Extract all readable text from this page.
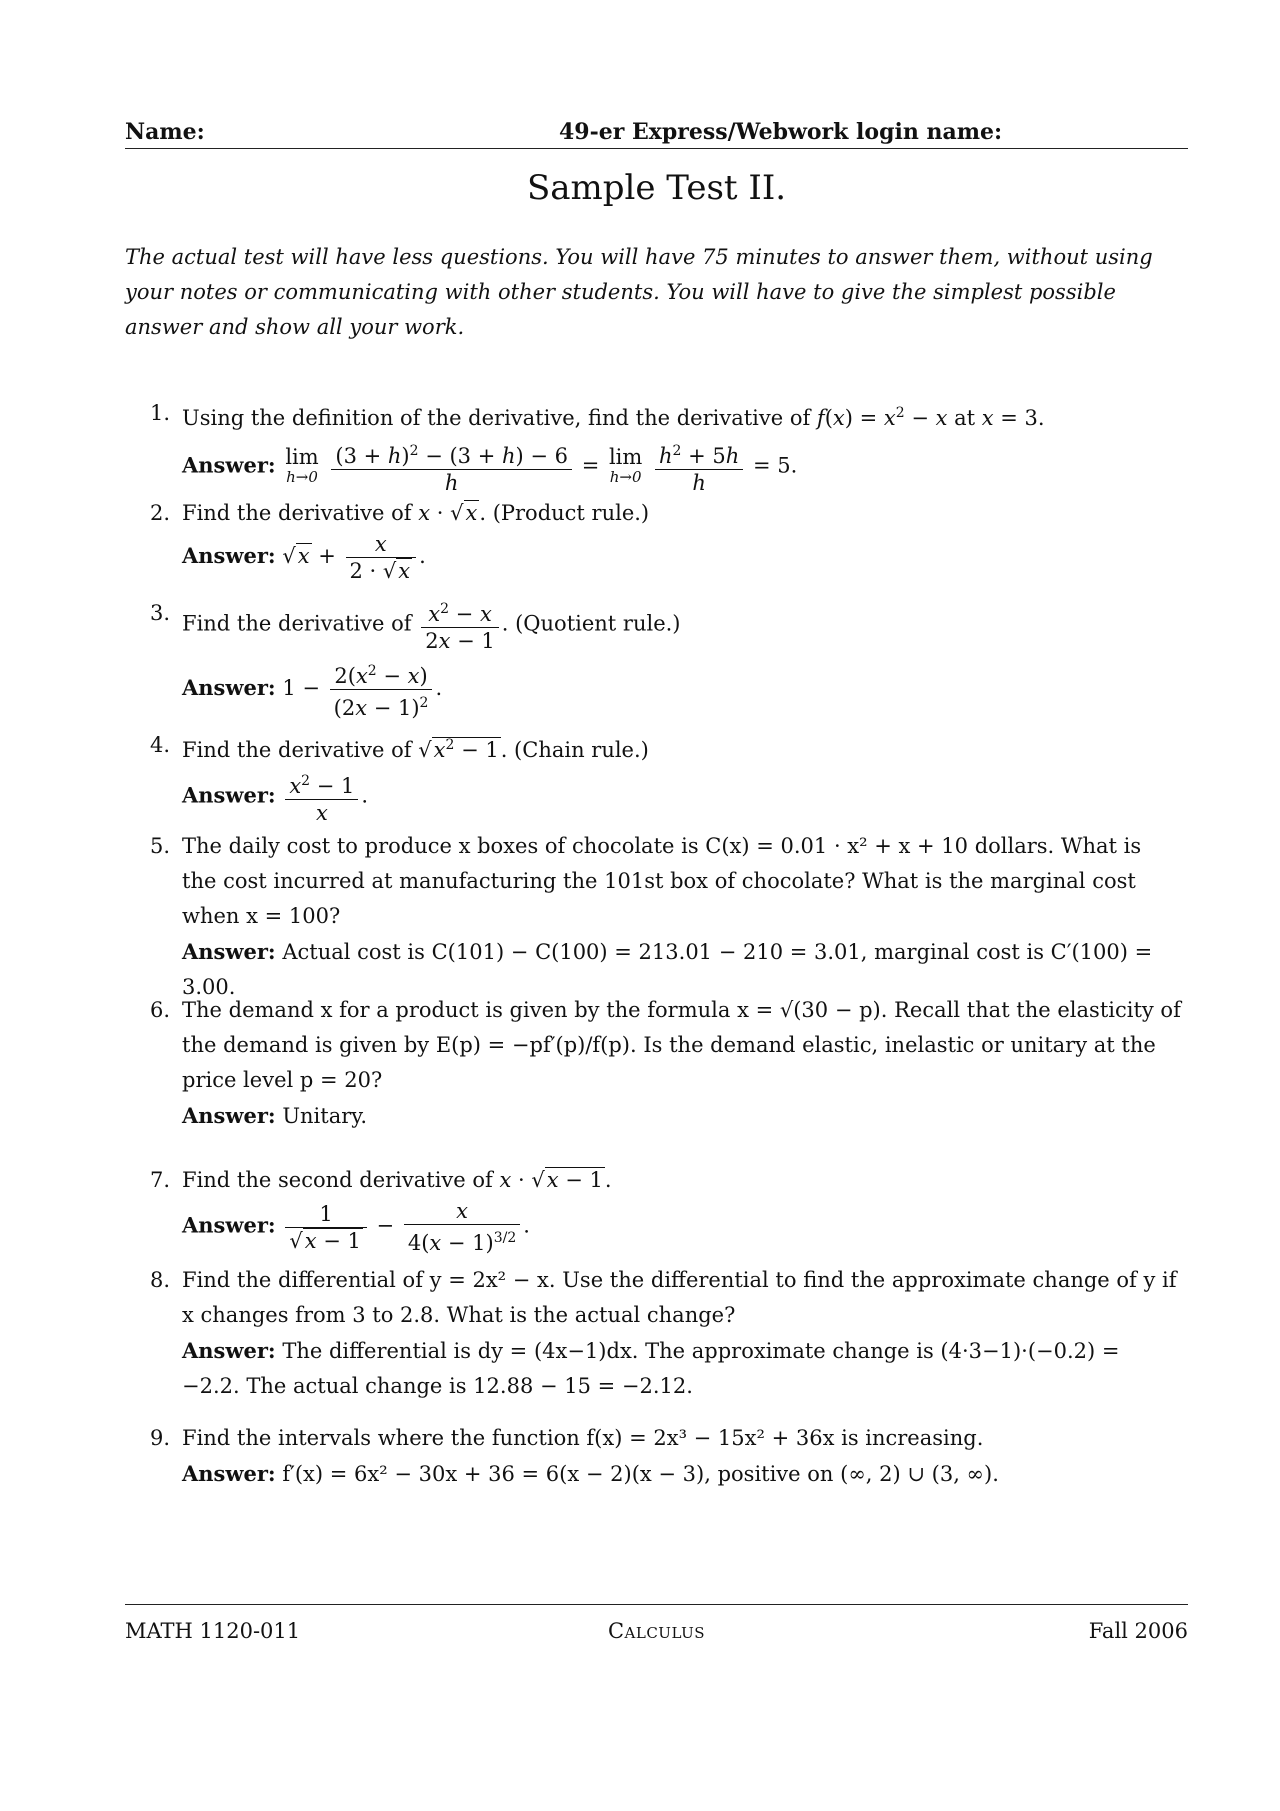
Name:	49-er Express/Webwork login name:
Sample Test II.
The actual test will have less questions. You will have 75 minutes to answer them, without using your notes or communicating with other students. You will have to give the simplest possible answer and show all your work.
1. Using the definition of the derivative, find the derivative of $f(x) = x^2 - x$ at x = 3.
Answer: lim
h→0
$\frac{(3 + h)^2 - (3 + h) - 6}{h} = \lim$
h→0
$\frac{h^2 + 5h}{h} = 5$.
2. Find the derivative of x · √x. (Product rule.)
Answer: $√x + \frac{x}{2 \cdot √x}$ .
3. Find the derivative of $\frac{x^2 - x}{2x - 1}$ . (Quotient rule.)
Answer: $1 - \frac{2(x^2 - x)}{(2x - 1)^2}$ .
4. Find the derivative of $√x^2 - 1$. (Chain rule.)
Answer: $\frac{x^2 - 1}{x}$ .
5. The daily cost to produce x boxes of chocolate is C(x) = 0.01 · x² + x + 10 dollars. What is the cost incurred at manufacturing the 101st box of chocolate? What is the marginal cost when x = 100?
Answer: Actual cost is C(101) − C(100) = 213.01 − 210 = 3.01, marginal cost is C′(100) = 3.00.
6. The demand x for a product is given by the formula x = √(30 − p). Recall that the elasticity of the demand is given by E(p) = −pf′(p)/f(p). Is the demand elastic, inelastic or unitary at the price level p = 20?
Answer: Unitary.
7. Find the second derivative of x · √x − 1.
Answer: $\frac{1}{√x - 1} - \frac{x}{4(x - 1)^{3/2}}$ .
8. Find the differential of y = 2x² − x. Use the differential to find the approximate change of y if x changes from 3 to 2.8. What is the actual change?
Answer: The differential is dy = (4x−1)dx. The approximate change is (4·3−1)·(−0.2) = −2.2. The actual change is 12.88 − 15 = −2.12.
9. Find the intervals where the function f(x) = 2x³ − 15x² + 36x is increasing.
Answer: f′(x) = 6x² − 30x + 36 = 6(x − 2)(x − 3), positive on (∞, 2) ∪ (3, ∞).
MATH 1120-011	Calculus	Fall 2006
